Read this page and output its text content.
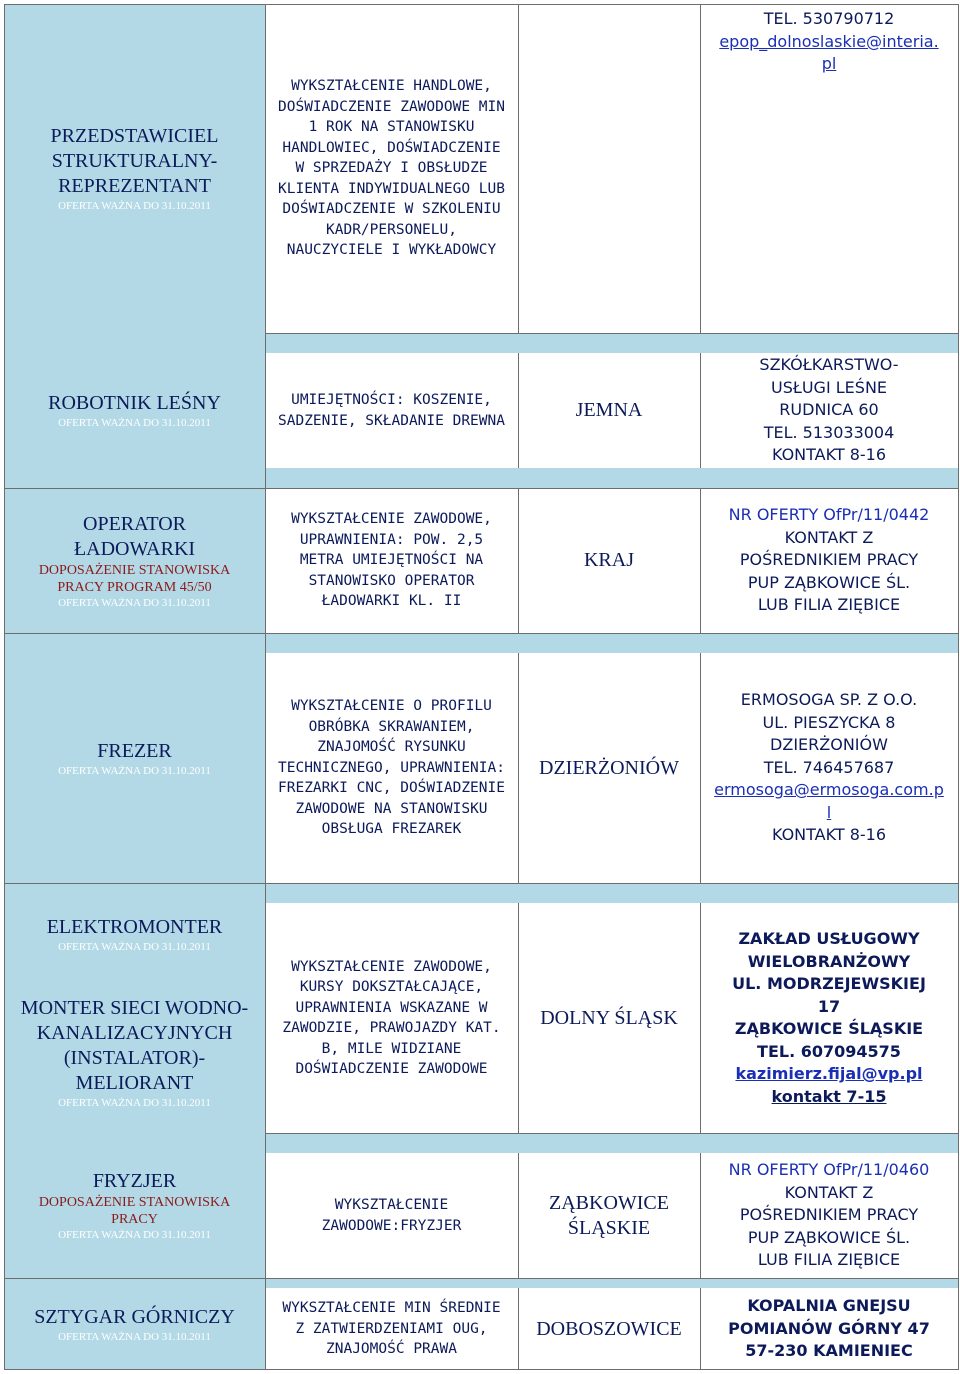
PRZEDSTAWICIEL STRUKTURALNY-REPREZENTANT
OFERTA WAŻNA DO 31.10.2011
WYKSZTAŁCENIE HANDLOWE, DOŚWIADCZENIE ZAWODOWE MIN 1 ROK NA STANOWISKU HANDLOWIEC, DOŚWIADCZENIE W SPRZEDAŻY I OBSŁUDZE KLIENTA INDYWIDUALNEGO LUB DOŚWIADCZENIE W SZKOLENIU KADR/PERSONELU, NAUCZYCIELE I WYKŁADOWCY
TEL. 530790712
epop_dolnoslaskie@interia.
pl
ROBOTNIK LEŚNY
OFERTA WAŻNA DO 31.10.2011
UMIEJĘTNOŚCI: KOSZENIE, SADZENIE, SKŁADANIE DREWNA	JEMNA
SZKÓŁKARSTWO-
USŁUGI LEŚNE
RUDNICA 60
TEL. 513033004
KONTAKT 8-16
OPERATOR ŁADOWARKI
DOPOSAŻENIE STANOWISKA PRACY PROGRAM 45/50
OFERTA WAŻNA DO 31.10.2011
WYKSZTAŁCENIE ZAWODOWE, UPRAWNIENIA: POW. 2,5 METRA UMIEJĘTNOŚCI NA STANOWISKO OPERATOR ŁADOWARKI KL. II
KRAJ
NR OFERTY OfPr/11/0442
KONTAKT Z
POŚREDNIKIEM PRACY
PUP ZĄBKOWICE ŚL.
LUB FILIA ZIĘBICE
FREZER
OFERTA WAŻNA DO 31.10.2011
WYKSZTAŁCENIE O PROFILU OBRÓBKA SKRAWANIEM, ZNAJOMOŚĆ RYSUNKU TECHNICZNEGO, UPRAWNIENIA: FREZARKI CNC, DOŚWIADZENIE ZAWODOWE NA STANOWISKU OBSŁUGA FREZAREK
DZIERŻONIÓW
ERMOSOGA SP. Z O.O.
UL. PIESZYCKA 8
DZIERŻONIÓW
TEL. 746457687
ermosoga@ermosoga.com.p
l
KONTAKT 8-16
ELEKTROMONTER
OFERTA WAŻNA DO 31.10.2011
MONTER SIECI WODNO-KANALIZACYJNYCH (INSTALATOR)-MELIORANT
OFERTA WAŻNA DO 31.10.2011
WYKSZTAŁCENIE ZAWODOWE, KURSY DOKSZTAŁCAJĄCE, UPRAWNIENIA WSKAZANE W ZAWODZIE, PRAWOJAZDY KAT. B, MILE WIDZIANE DOŚWIADCZENIE ZAWODOWE
DOLNY ŚLĄSK
ZAKŁAD USŁUGOWY
WIELOBRANŻOWY
UL. MODRZEJEWSKIEJ
17
ZĄBKOWICE ŚLĄSKIE
TEL. 607094575
kazimierz.fijal@vp.pl
kontakt 7-15
FRYZJER
DOPOSAŻENIE STANOWISKA PRACY
OFERTA WAŻNA DO 31.10.2011
WYKSZTAŁCENIE ZAWODOWE:FRYZJER
ZĄBKOWICE ŚLĄSKIE
NR OFERTY OfPr/11/0460
KONTAKT Z
POŚREDNIKIEM PRACY
PUP ZĄBKOWICE ŚL.
LUB FILIA ZIĘBICE
SZTYGAR GÓRNICZY
OFERTA WAŻNA DO 31.10.2011
WYKSZTAŁCENIE MIN ŚREDNIE Z ZATWIERDZENIAMI OUG, ZNAJOMOŚĆ PRAWA
DOBOSZOWICE
KOPALNIA GNEJSU
POMIANÓW GÓRNY 47
57-230 KAMIENIEC
